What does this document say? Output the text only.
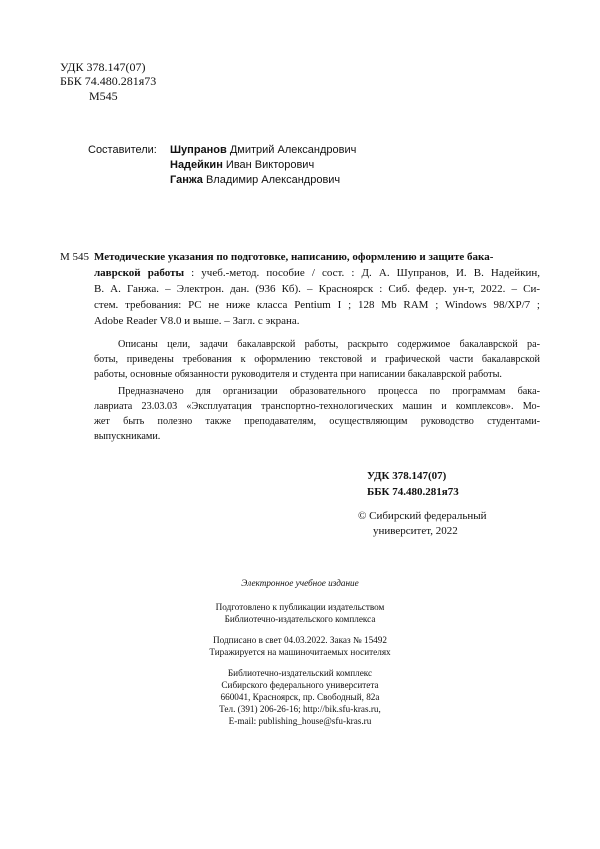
УДК 378.147(07)
ББК 74.480.281я73
М545
Составители: Шупранов Дмитрий Александрович
Надейкин Иван Викторович
Ганжа Владимир Александрович
М 545 Методические указания по подготовке, написанию, оформлению и защите бака-
лаврской работы : учеб.-метод. пособие / сост. : Д. А. Шупранов, И. В. Надейкин,
В. А. Ганжа. – Электрон. дан. (936 Кб). – Красноярск : Сиб. федер. ун-т, 2022. – Си-
стем. требования: PC не ниже класса Pentium I ; 128 Mb RAM ; Windows 98/XP/7 ;
Adobe Reader V8.0 и выше. – Загл. с экрана.
Описаны цели, задачи бакалаврской работы, раскрыто содержимое бакалаврской ра-
боты, приведены требования к оформлению текстовой и графической части бакалаврской
работы, основные обязанности руководителя и студента при написании бакалаврской работы.
Предназначено для организации образовательного процесса по программам бака-
лавриата 23.03.03 «Эксплуатация транспортно-технологических машин и комплексов». Мо-
жет быть полезно также преподавателям, осуществляющим руководство студентами-
выпускниками.
УДК 378.147(07)
ББК 74.480.281я73
© Сибирский федеральный
университет, 2022
Электронное учебное издание
Подготовлено к публикации издательством
Библиотечно-издательского комплекса
Подписано в свет 04.03.2022. Заказ № 15492
Тиражируется на машиночитаемых носителях
Библиотечно-издательский комплекс
Сибирского федерального университета
660041, Красноярск, пр. Свободный, 82а
Тел. (391) 206-26-16; http://bik.sfu-kras.ru,
E-mail: publishing_house@sfu-kras.ru
